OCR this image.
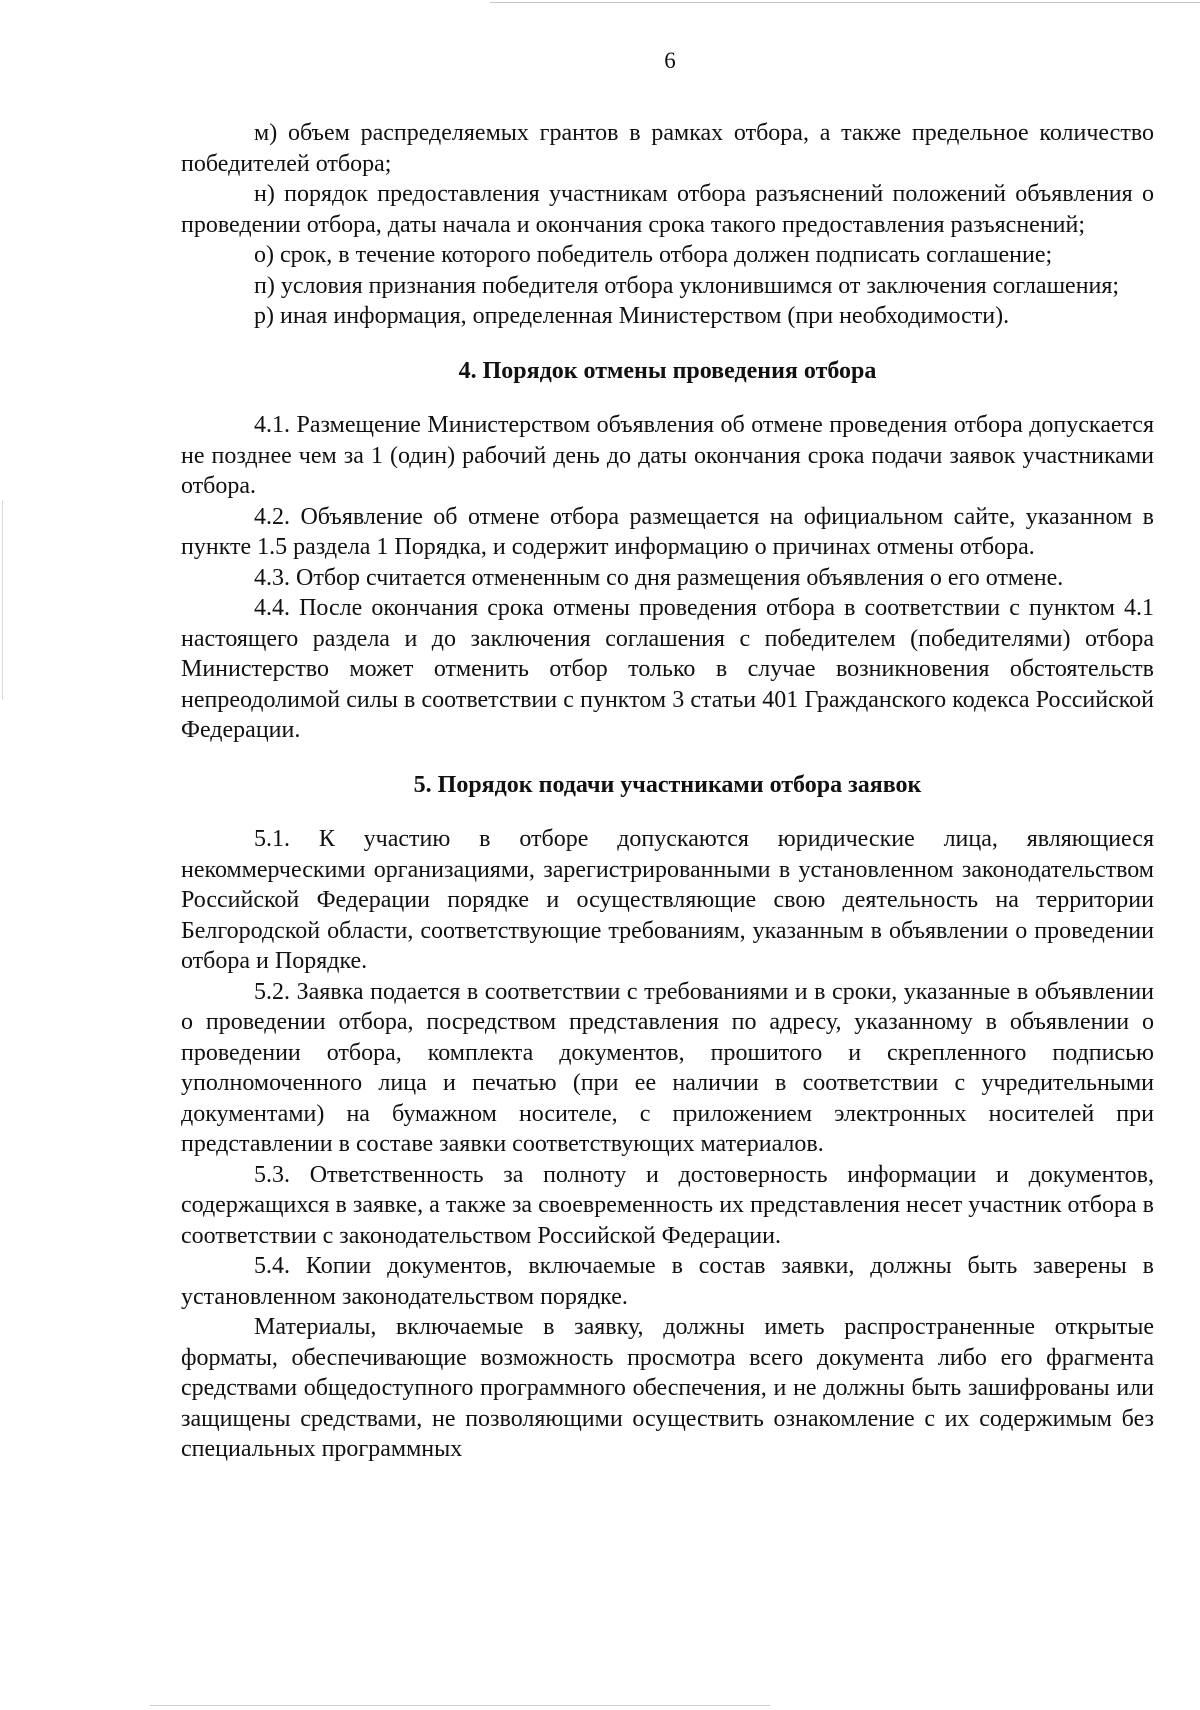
6

м) объем распределяемых грантов в рамках отбора, а также предельное количество победителей отбора;

н) порядок предоставления участникам отбора разъяснений положений объявления о проведении отбора, даты начала и окончания срока такого предоставления разъяснений;

о) срок, в течение которого победитель отбора должен подписать соглашение;

п) условия признания победителя отбора уклонившимся от заключения соглашения;

р) иная информация, определенная Министерством (при необходимости).

4. Порядок отмены проведения отбора

4.1. Размещение Министерством объявления об отмене проведения отбора допускается не позднее чем за 1 (один) рабочий день до даты окончания срока подачи заявок участниками отбора.

4.2. Объявление об отмене отбора размещается на официальном сайте, указанном в пункте 1.5 раздела 1 Порядка, и содержит информацию о причинах отмены отбора.

4.3. Отбор считается отмененным со дня размещения объявления о его отмене.

4.4. После окончания срока отмены проведения отбора в соответствии с пунктом 4.1 настоящего раздела и до заключения соглашения с победителем (победителями) отбора Министерство может отменить отбор только в случае возникновения обстоятельств непреодолимой силы в соответствии с пунктом 3 статьи 401 Гражданского кодекса Российской Федерации.

5. Порядок подачи участниками отбора заявок

5.1. К участию в отборе допускаются юридические лица, являющиеся некоммерческими организациями, зарегистрированными в установленном законодательством Российской Федерации порядке и осуществляющие свою деятельность на территории Белгородской области, соответствующие требованиям, указанным в объявлении о проведении отбора и Порядке.

5.2. Заявка подается в соответствии с требованиями и в сроки, указанные в объявлении о проведении отбора, посредством представления по адресу, указанному в объявлении о проведении отбора, комплекта документов, прошитого и скрепленного подписью уполномоченного лица и печатью (при ее наличии в соответствии с учредительными документами) на бумажном носителе, с приложением электронных носителей при представлении в составе заявки соответствующих материалов.

5.3. Ответственность за полноту и достоверность информации и документов, содержащихся в заявке, а также за своевременность их представления несет участник отбора в соответствии с законодательством Российской Федерации.

5.4. Копии документов, включаемые в состав заявки, должны быть заверены в установленном законодательством порядке.

Материалы, включаемые в заявку, должны иметь распространенные открытые форматы, обеспечивающие возможность просмотра всего документа либо его фрагмента средствами общедоступного программного обеспечения, и не должны быть зашифрованы или защищены средствами, не позволяющими осуществить ознакомление с их содержимым без специальных программных
